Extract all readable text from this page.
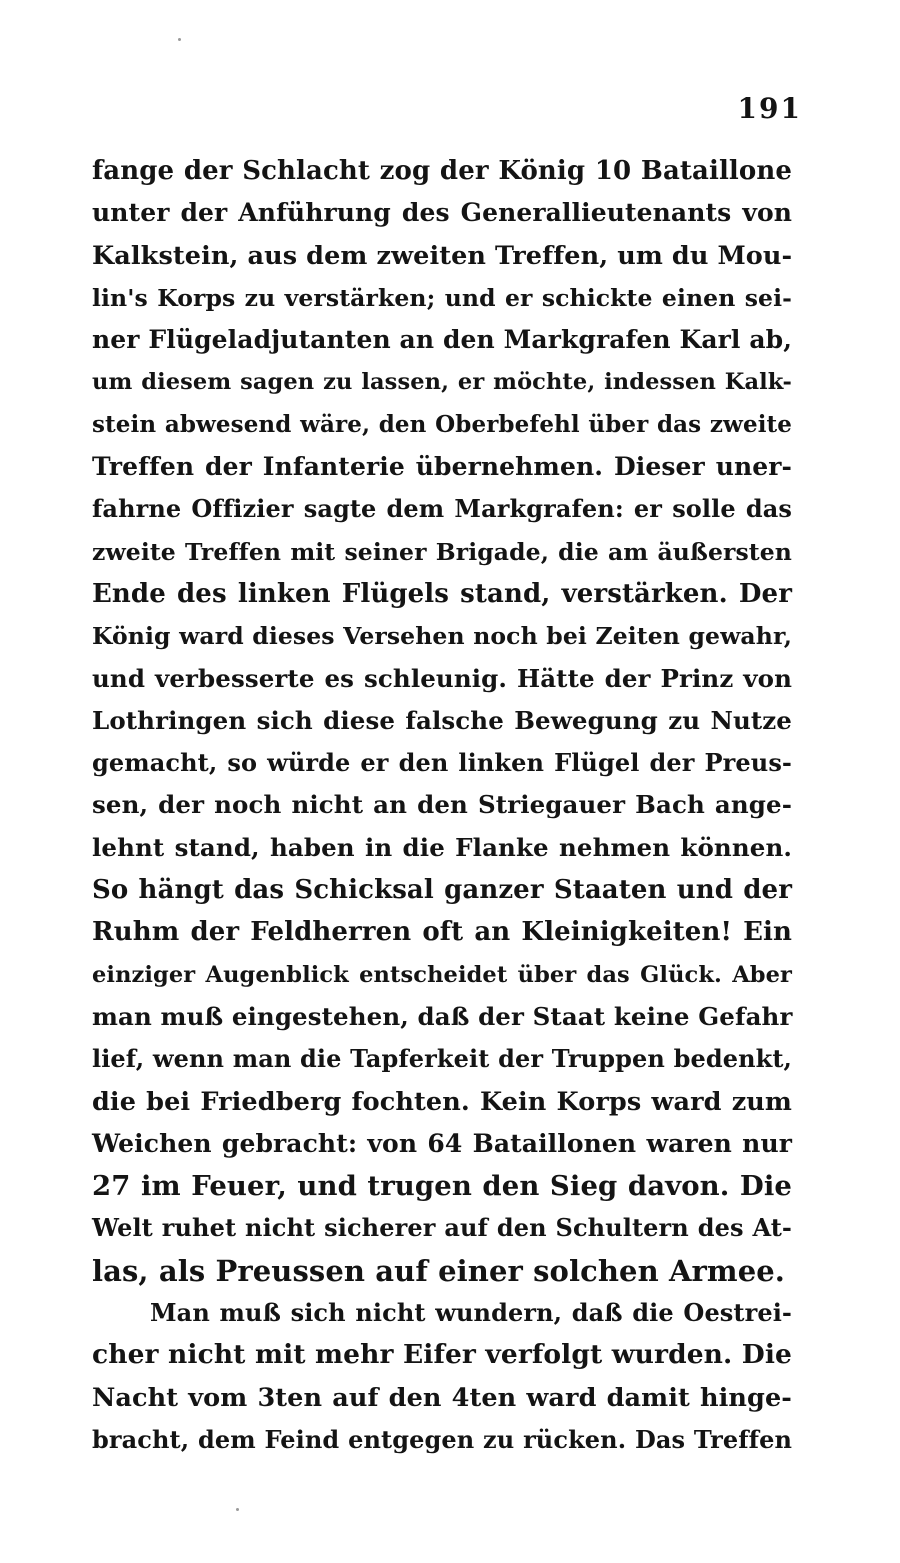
191
fange der Schlacht zog der König 10 Bataillone
unter der Anführung des Generallieutenants von
Kalkstein, aus dem zweiten Treffen, um du Mou-
lin's Korps zu verstärken; und er schickte einen sei-
ner Flügeladjutanten an den Markgrafen Karl ab,
um diesem sagen zu lassen, er möchte, indessen Kalk-
stein abwesend wäre, den Oberbefehl über das zweite
Treffen der Infanterie übernehmen. Dieser uner-
fahrne Offizier sagte dem Markgrafen: er solle das
zweite Treffen mit seiner Brigade, die am äußersten
Ende des linken Flügels stand, verstärken. Der
König ward dieses Versehen noch bei Zeiten gewahr,
und verbesserte es schleunig. Hätte der Prinz von
Lothringen sich diese falsche Bewegung zu Nutze
gemacht, so würde er den linken Flügel der Preus-
sen, der noch nicht an den Striegauer Bach ange-
lehnt stand, haben in die Flanke nehmen können.
So hängt das Schicksal ganzer Staaten und der
Ruhm der Feldherren oft an Kleinigkeiten! Ein
einziger Augenblick entscheidet über das Glück. Aber
man muß eingestehen, daß der Staat keine Gefahr
lief, wenn man die Tapferkeit der Truppen bedenkt,
die bei Friedberg fochten. Kein Korps ward zum
Weichen gebracht: von 64 Bataillonen waren nur
27 im Feuer, und trugen den Sieg davon. Die
Welt ruhet nicht sicherer auf den Schultern des At-
las, als Preussen auf einer solchen Armee.
Man muß sich nicht wundern, daß die Oestrei-
cher nicht mit mehr Eifer verfolgt wurden. Die
Nacht vom 3ten auf den 4ten ward damit hinge-
bracht, dem Feind entgegen zu rücken. Das Treffen
